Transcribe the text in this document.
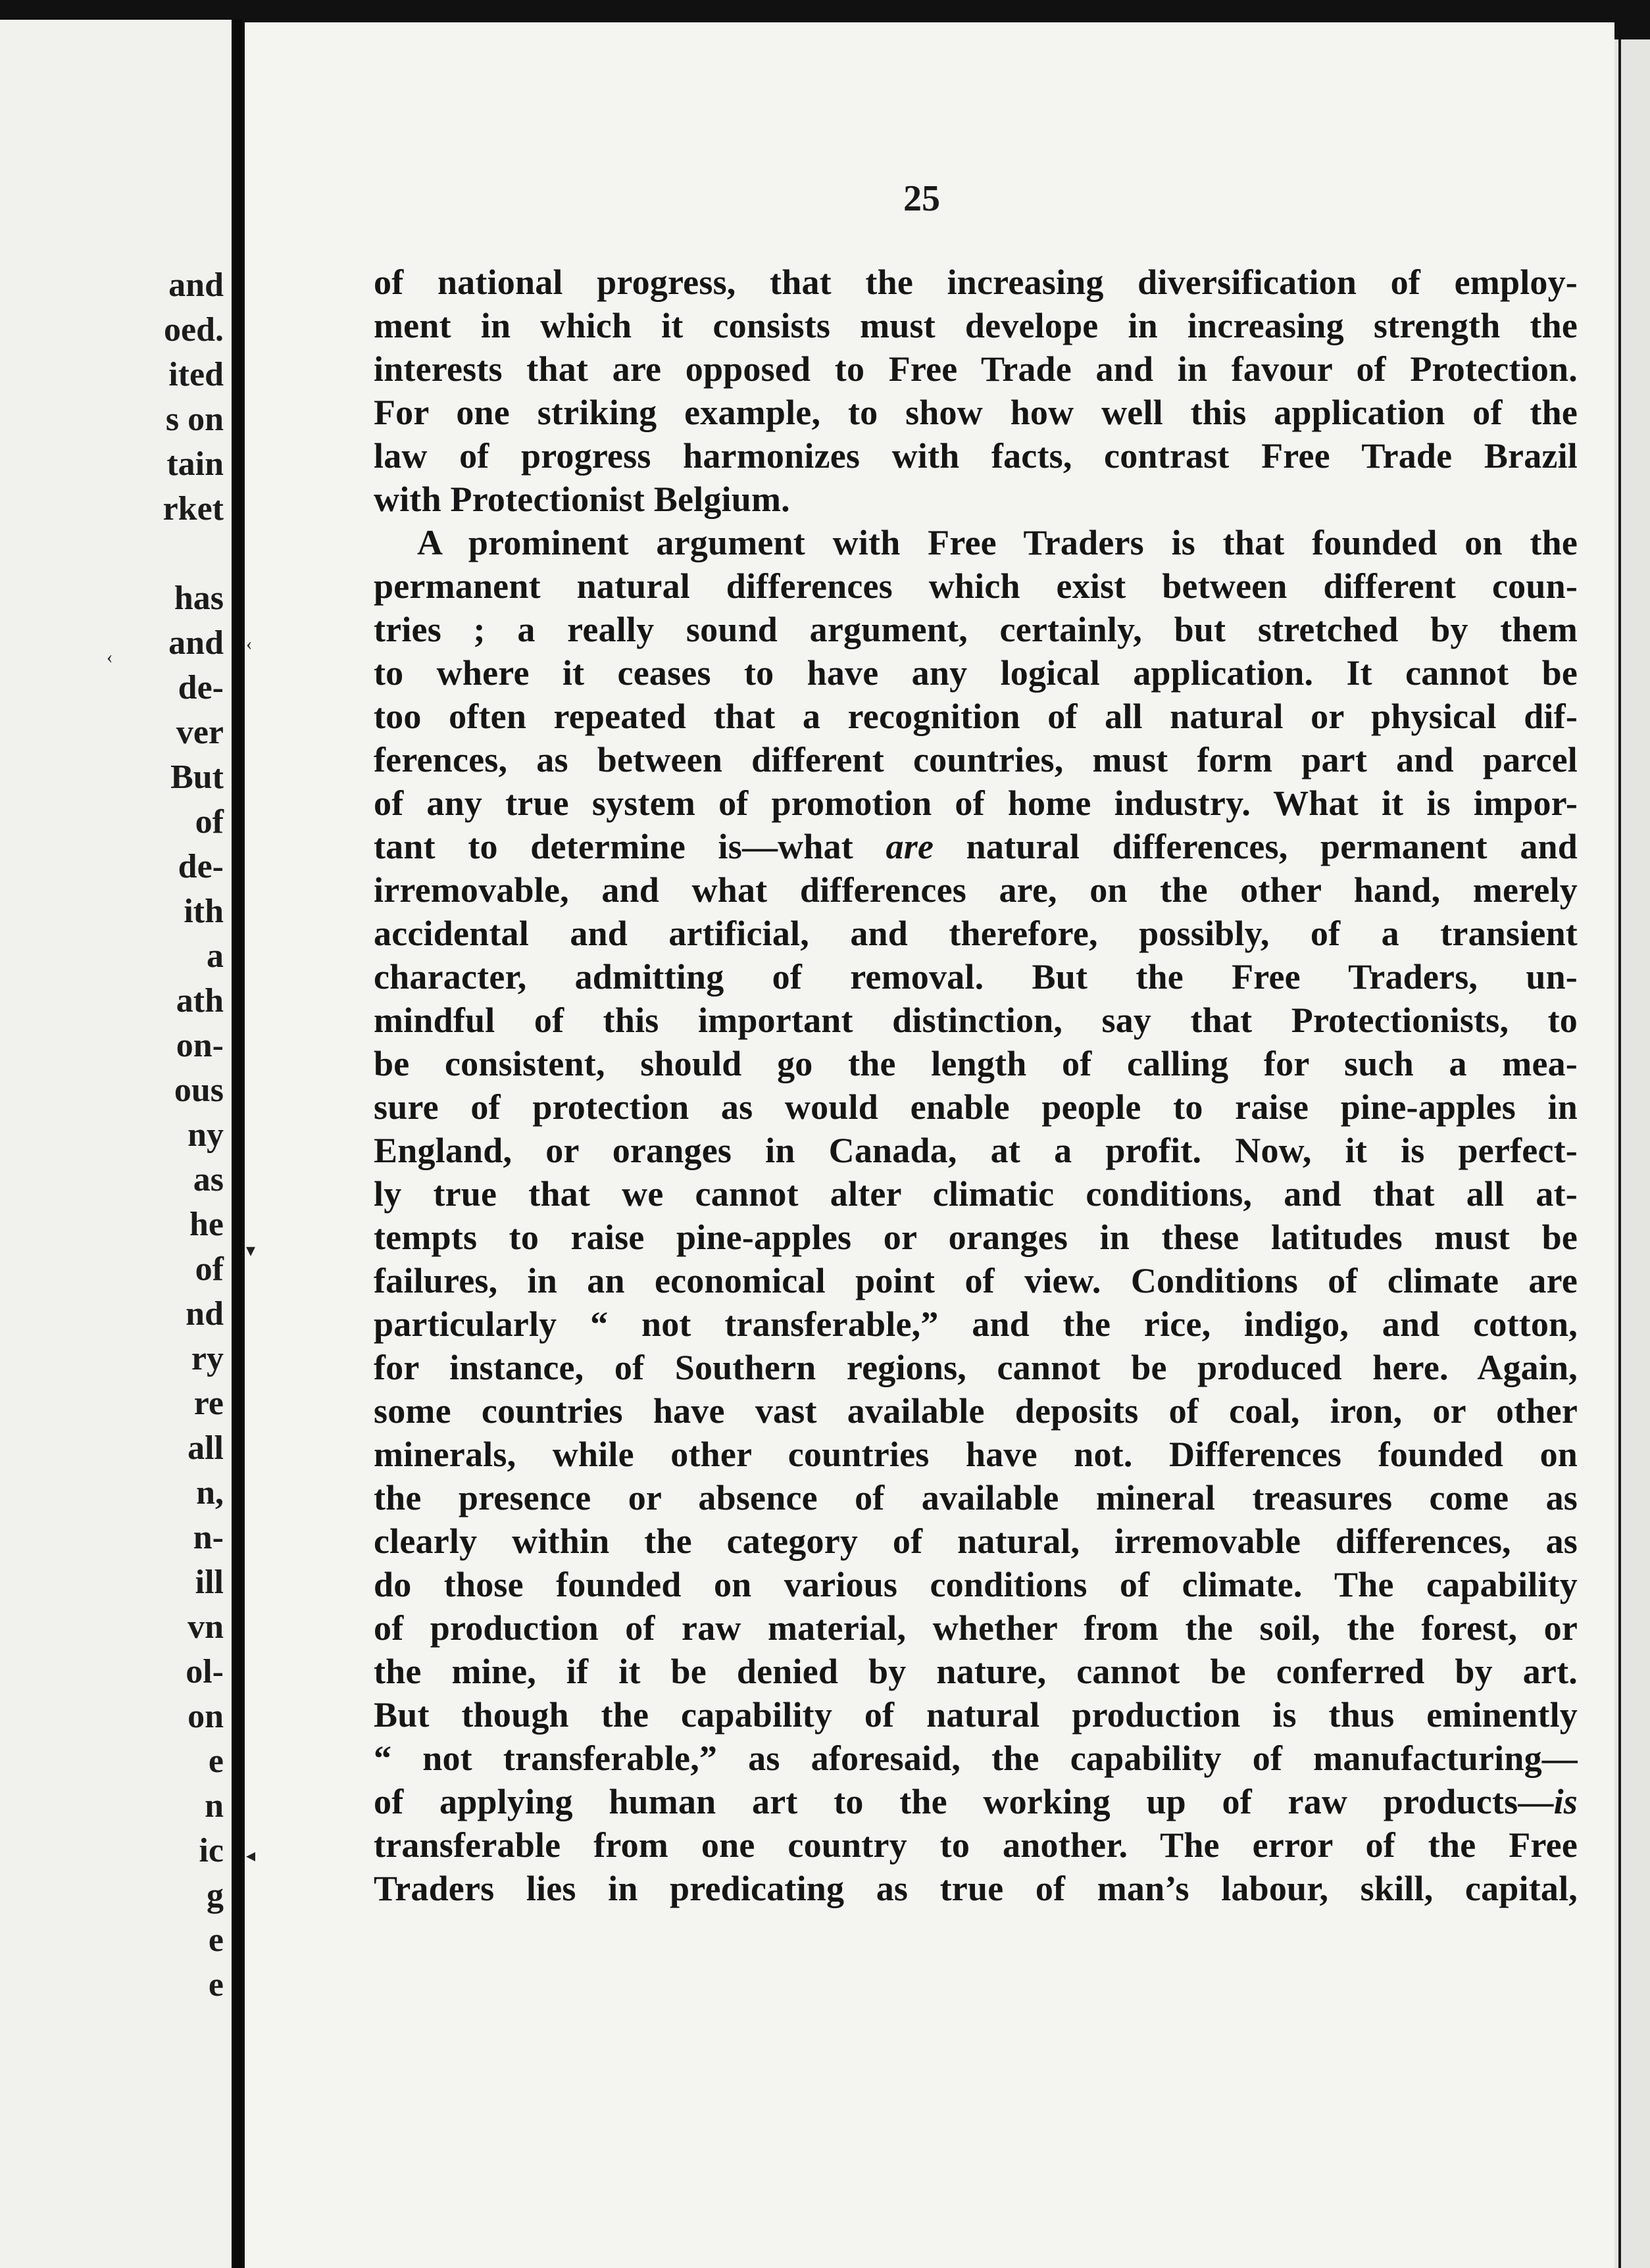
and
oed.
ited
s on
tain
rket
has
and
de-
ver
But
of
de-
ith
a
ath
on-
ous
ny
as
he
of
nd
ry
re
all
n,
n-
ill
vn
ol-
on
e
n
ic
g
e
e
25
of national progress, that the increasing diversification of employ-
ment in which it consists must develope in increasing strength the
interests that are opposed to Free Trade and in favour of Protection.
For one striking example, to show how well this application of the
law of progress harmonizes with facts, contrast Free Trade Brazil
with Protectionist Belgium.
A prominent argument with Free Traders is that founded on the
permanent natural differences which exist between different coun-
tries ; a really sound argument, certainly, but stretched by them
to where it ceases to have any logical application. It cannot be
too often repeated that a recognition of all natural or physical dif-
ferences, as between different countries, must form part and parcel
of any true system of promotion of home industry. What it is impor-
tant to determine is—what are natural differences, permanent and
irremovable, and what differences are, on the other hand, merely
accidental and artificial, and therefore, possibly, of a transient
character, admitting of removal. But the Free Traders, un-
mindful of this important distinction, say that Protectionists, to
be consistent, should go the length of calling for such a mea-
sure of protection as would enable people to raise pine-apples in
England, or oranges in Canada, at a profit. Now, it is perfect-
ly true that we cannot alter climatic conditions, and that all at-
tempts to raise pine-apples or oranges in these latitudes must be
failures, in an economical point of view. Conditions of climate are
particularly “ not transferable,” and the rice, indigo, and cotton,
for instance, of Southern regions, cannot be produced here. Again,
some countries have vast available deposits of coal, iron, or other
minerals, while other countries have not. Differences founded on
the presence or absence of available mineral treasures come as
clearly within the category of natural, irremovable differences, as
do those founded on various conditions of climate. The capability
of production of raw material, whether from the soil, the forest, or
the mine, if it be denied by nature, cannot be conferred by art.
But though the capability of natural production is thus eminently
“ not transferable,” as aforesaid, the capability of manufacturing—
of applying human art to the working up of raw products—is
transferable from one country to another. The error of the Free
Traders lies in predicating as true of man’s labour, skill, capital,
‹
‹
▾
◂
